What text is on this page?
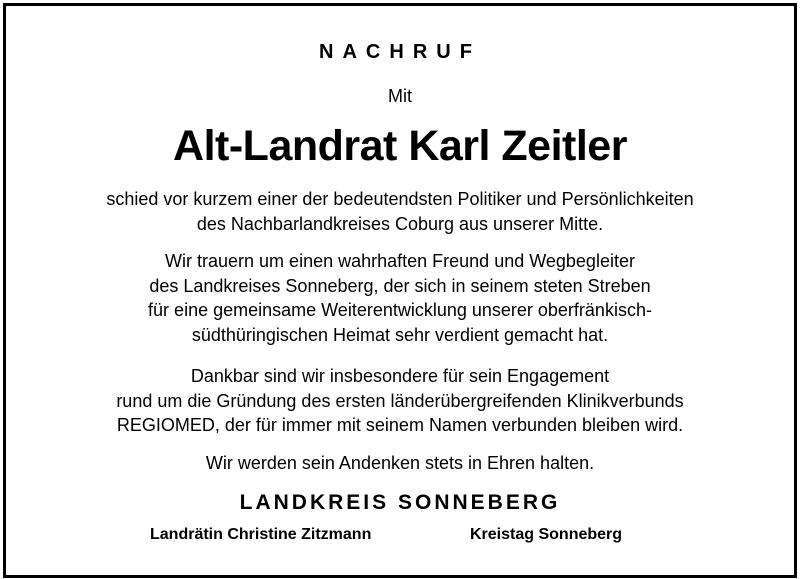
NACHRUF
Mit
Alt-Landrat Karl Zeitler
schied vor kurzem einer der bedeutendsten Politiker und Persönlichkeiten
des Nachbarlandkreises Coburg aus unserer Mitte.
Wir trauern um einen wahrhaften Freund und Wegbegleiter
des Landkreises Sonneberg, der sich in seinem steten Streben
für eine gemeinsame Weiterentwicklung unserer oberfränkisch-
südthüringischen Heimat sehr verdient gemacht hat.
Dankbar sind wir insbesondere für sein Engagement
rund um die Gründung des ersten länderübergreifenden Klinikverbunds
REGIOMED, der für immer mit seinem Namen verbunden bleiben wird.
Wir werden sein Andenken stets in Ehren halten.
LANDKREIS SONNEBERG
Landrätin Christine Zitzmann	Kreistag Sonneberg
